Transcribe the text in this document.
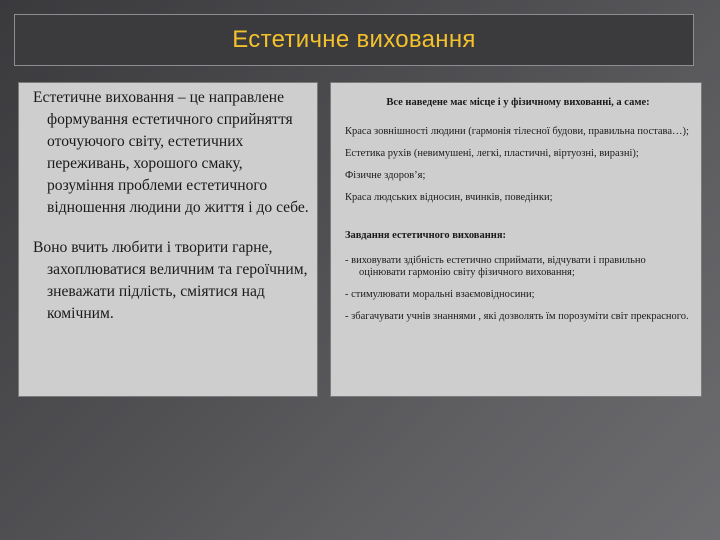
Естетичне виховання

Естетичне виховання – це направлене формування естетичного сприйняття оточуючого світу, естетичних переживань, хорошого смаку, розуміння проблеми естетичного відношення людини до життя і до себе.

Воно вчить любити і творити гарне, захоплюватися величним та героїчним, зневажати підлість, сміятися над комічним.

Все наведене має місце і у фізичному вихованні, а саме:

Краса зовнішності людини (гармонія тілесної будови, правильна постава…);

Естетика рухів (невимушені, легкі, пластичні, віртуозні, виразні);

Фізичне здоров’я;

Краса людських відносин, вчинків, поведінки;

Завдання естетичного виховання:

- виховувати здібність естетично сприймати, відчувати і правильно оцінювати гармонію світу фізичного виховання;

- стимулювати моральні взаємовідносини;

- збагачувати учнів знаннями , які дозволять їм порозуміти світ прекрасного.
